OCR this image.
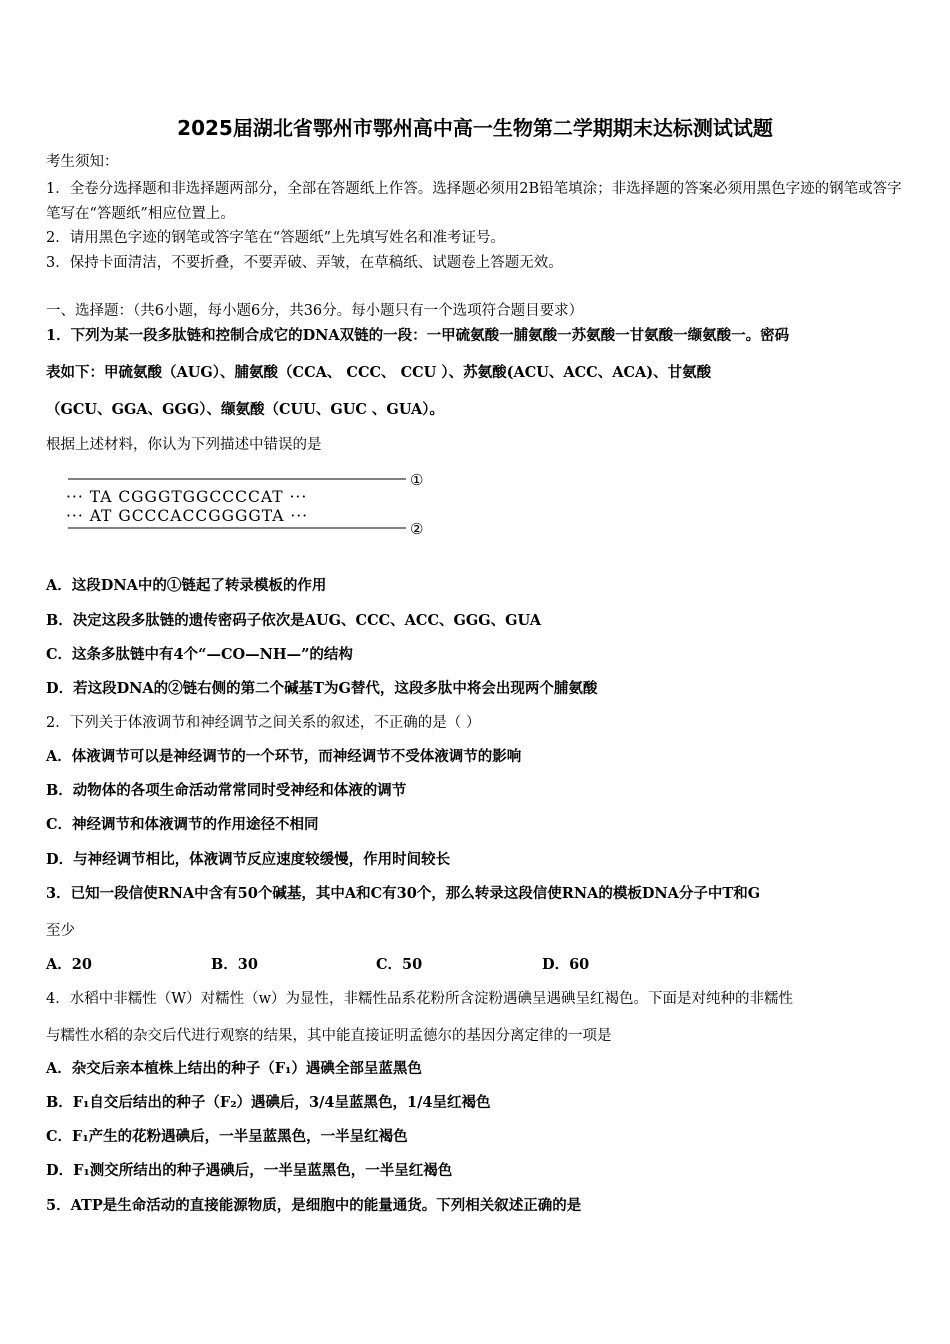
2025届湖北省鄂州市鄂州高中高一生物第二学期期末达标测试试题
考生须知：
1．全卷分选择题和非选择题两部分，全部在答题纸上作答。选择题必须用2B铅笔填涂；非选择题的答案必须用黑色字迹的钢笔或答字笔写在“答题纸”相应位置上。
2．请用黑色字迹的钢笔或答字笔在“答题纸”上先填写姓名和准考证号。
3．保持卡面清洁，不要折叠，不要弄破、弄皱，在草稿纸、试题卷上答题无效。
一、选择题：（共6小题，每小题6分，共36分。每小题只有一个选项符合题目要求）
1．下列为某一段多肽链和控制合成它的DNA双链的一段：一甲硫氨酸一脯氨酸一苏氨酸一甘氨酸一缬氨酸一。密码
表如下：甲硫氨酸（AUG）、脯氨酸（CCA、 CCC、 CCU ）、苏氨酸(ACU、ACC、ACA)、甘氨酸
（GCU、GGA、GGG）、缬氨酸（CUU、GUC 、GUA）。
根据上述材料，你认为下列描述中错误的是
①
··· TA CGGGTGGCCCCAT ···
··· AT GCCCACCGGGGTA ···
②
A．这段DNA中的①链起了转录模板的作用
B．决定这段多肽链的遗传密码子依次是AUG、CCC、ACC、GGG、GUA
C．这条多肽链中有4个“—CO—NH—”的结构
D．若这段DNA的②链右侧的第二个碱基T为G替代，这段多肽中将会出现两个脯氨酸
2．下列关于体液调节和神经调节之间关系的叙述，不正确的是（ ）
A．体液调节可以是神经调节的一个环节，而神经调节不受体液调节的影响
B．动物体的各项生命活动常常同时受神经和体液的调节
C．神经调节和体液调节的作用途径不相同
D．与神经调节相比，体液调节反应速度较缓慢，作用时间较长
3．已知一段信使RNA中含有50个碱基，其中A和C有30个，那么转录这段信使RNA的模板DNA分子中T和G
至少
A．20	B．30	C．50	D．60
4．水稻中非糯性（W）对糯性（w）为显性，非糯性品系花粉所含淀粉遇碘呈遇碘呈红褐色。下面是对纯种的非糯性
与糯性水稻的杂交后代进行观察的结果，其中能直接证明孟德尔的基因分离定律的一项是
A．杂交后亲本植株上结出的种子（F₁）遇碘全部呈蓝黑色
B．F₁自交后结出的种子（F₂）遇碘后，3/4呈蓝黑色，1/4呈红褐色
C．F₁产生的花粉遇碘后，一半呈蓝黑色，一半呈红褐色
D．F₁测交所结出的种子遇碘后，一半呈蓝黑色，一半呈红褐色
5．ATP是生命活动的直接能源物质，是细胞中的能量通货。下列相关叙述正确的是
